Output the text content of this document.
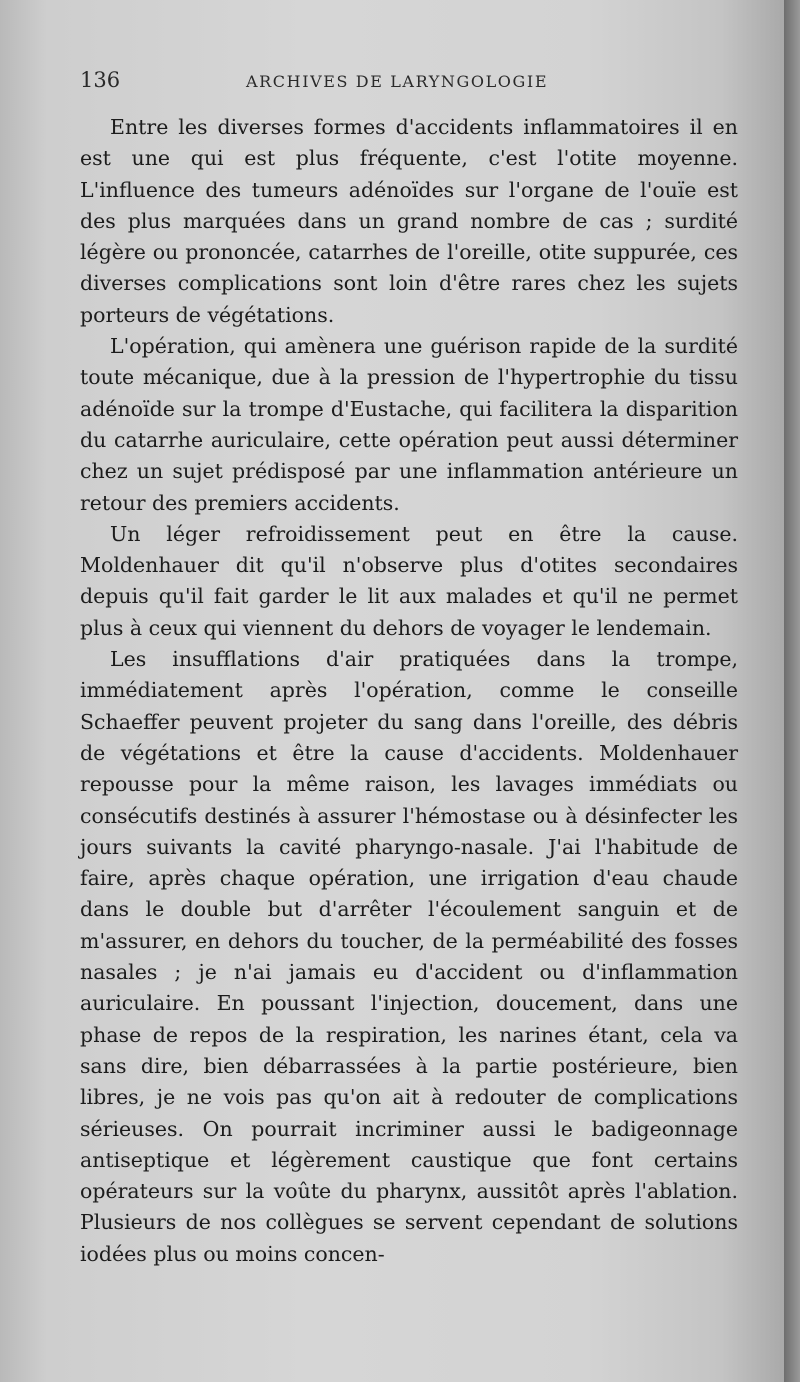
136	ARCHIVES DE LARYNGOLOGIE

Entre les diverses formes d'accidents inflammatoires il en est une qui est plus fréquente, c'est l'otite moyenne. L'influence des tumeurs adénoïdes sur l'organe de l'ouïe est des plus marquées dans un grand nombre de cas ; surdité légère ou prononcée, catarrhes de l'oreille, otite suppurée, ces diverses complications sont loin d'être rares chez les sujets porteurs de végétations.

L'opération, qui amènera une guérison rapide de la surdité toute mécanique, due à la pression de l'hypertrophie du tissu adénoïde sur la trompe d'Eustache, qui facilitera la disparition du catarrhe auriculaire, cette opération peut aussi déterminer chez un sujet prédisposé par une inflammation antérieure un retour des premiers accidents.

Un léger refroidissement peut en être la cause. Moldenhauer dit qu'il n'observe plus d'otites secondaires depuis qu'il fait garder le lit aux malades et qu'il ne permet plus à ceux qui viennent du dehors de voyager le lendemain.

Les insufflations d'air pratiquées dans la trompe, immédiatement après l'opération, comme le conseille Schaeffer peuvent projeter du sang dans l'oreille, des débris de végétations et être la cause d'accidents. Moldenhauer repousse pour la même raison, les lavages immédiats ou consécutifs destinés à assurer l'hémostase ou à désinfecter les jours suivants la cavité pharyngo-nasale. J'ai l'habitude de faire, après chaque opération, une irrigation d'eau chaude dans le double but d'arrêter l'écoulement sanguin et de m'assurer, en dehors du toucher, de la perméabilité des fosses nasales ; je n'ai jamais eu d'accident ou d'inflammation auriculaire. En poussant l'injection, doucement, dans une phase de repos de la respiration, les narines étant, cela va sans dire, bien débarrassées à la partie postérieure, bien libres, je ne vois pas qu'on ait à redouter de complications sérieuses. On pourrait incriminer aussi le badigeonnage antiseptique et légèrement caustique que font certains opérateurs sur la voûte du pharynx, aussitôt après l'ablation. Plusieurs de nos collègues se servent cependant de solutions iodées plus ou moins concen-
